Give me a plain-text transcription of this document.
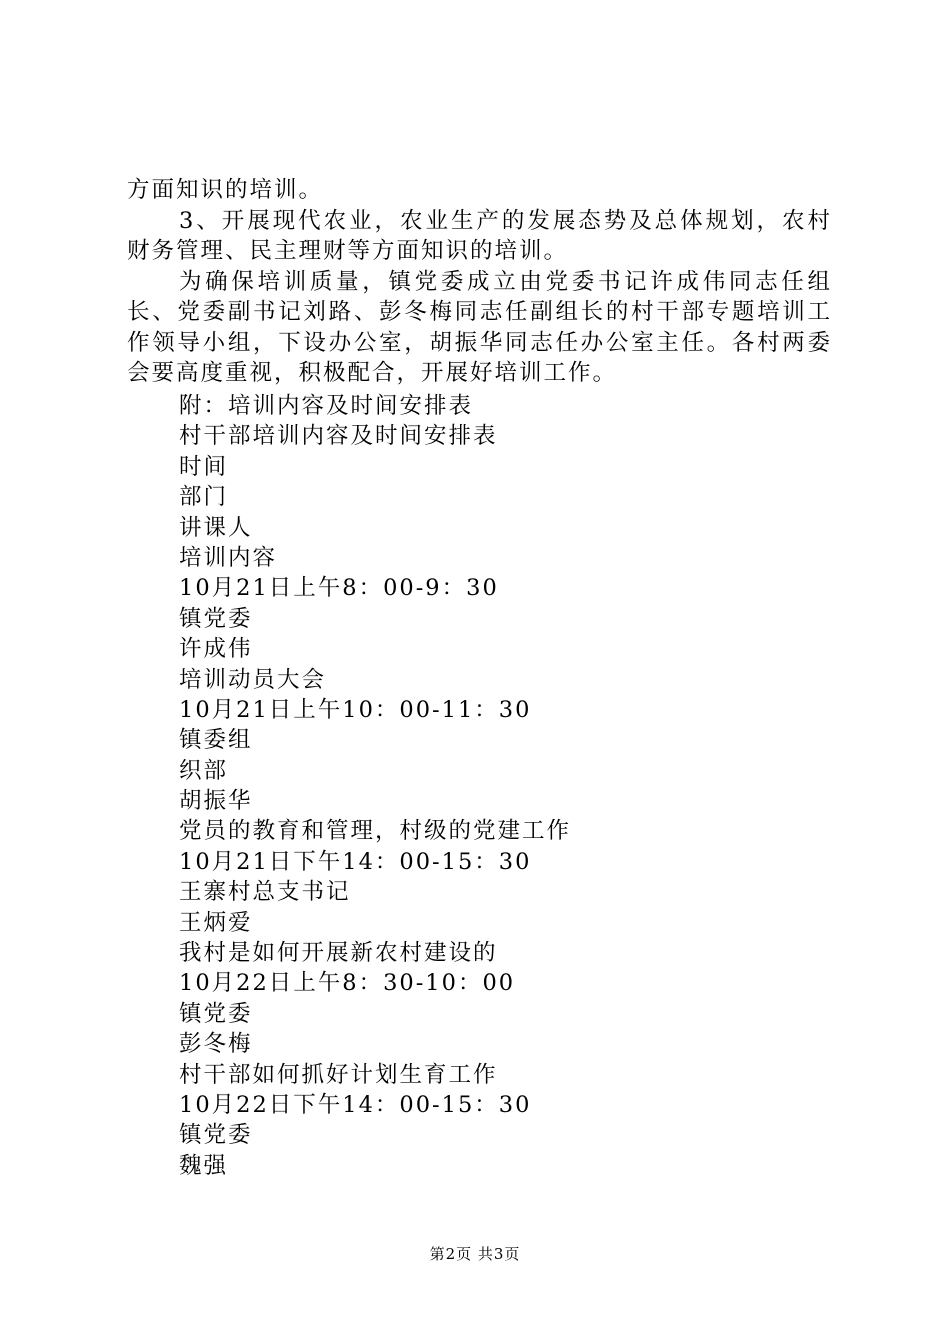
方面知识的培训。

3、开展现代农业，农业生产的发展态势及总体规划，农村财务管理、民主理财等方面知识的培训。

为确保培训质量，镇党委成立由党委书记许成伟同志任组长、党委副书记刘路、彭冬梅同志任副组长的村干部专题培训工作领导小组，下设办公室，胡振华同志任办公室主任。各村两委会要高度重视，积极配合，开展好培训工作。

附：培训内容及时间安排表
村干部培训内容及时间安排表
时间
部门
讲课人
培训内容
10月21日上午8：00-9：30
镇党委
许成伟
培训动员大会
10月21日上午10：00-11：30
镇委组
织部
胡振华
党员的教育和管理，村级的党建工作
10月21日下午14：00-15：30
王寨村总支书记
王炳爱
我村是如何开展新农村建设的
10月22日上午8：30-10：00
镇党委
彭冬梅
村干部如何抓好计划生育工作
10月22日下午14：00-15：30
镇党委
魏强
第2页 共3页
